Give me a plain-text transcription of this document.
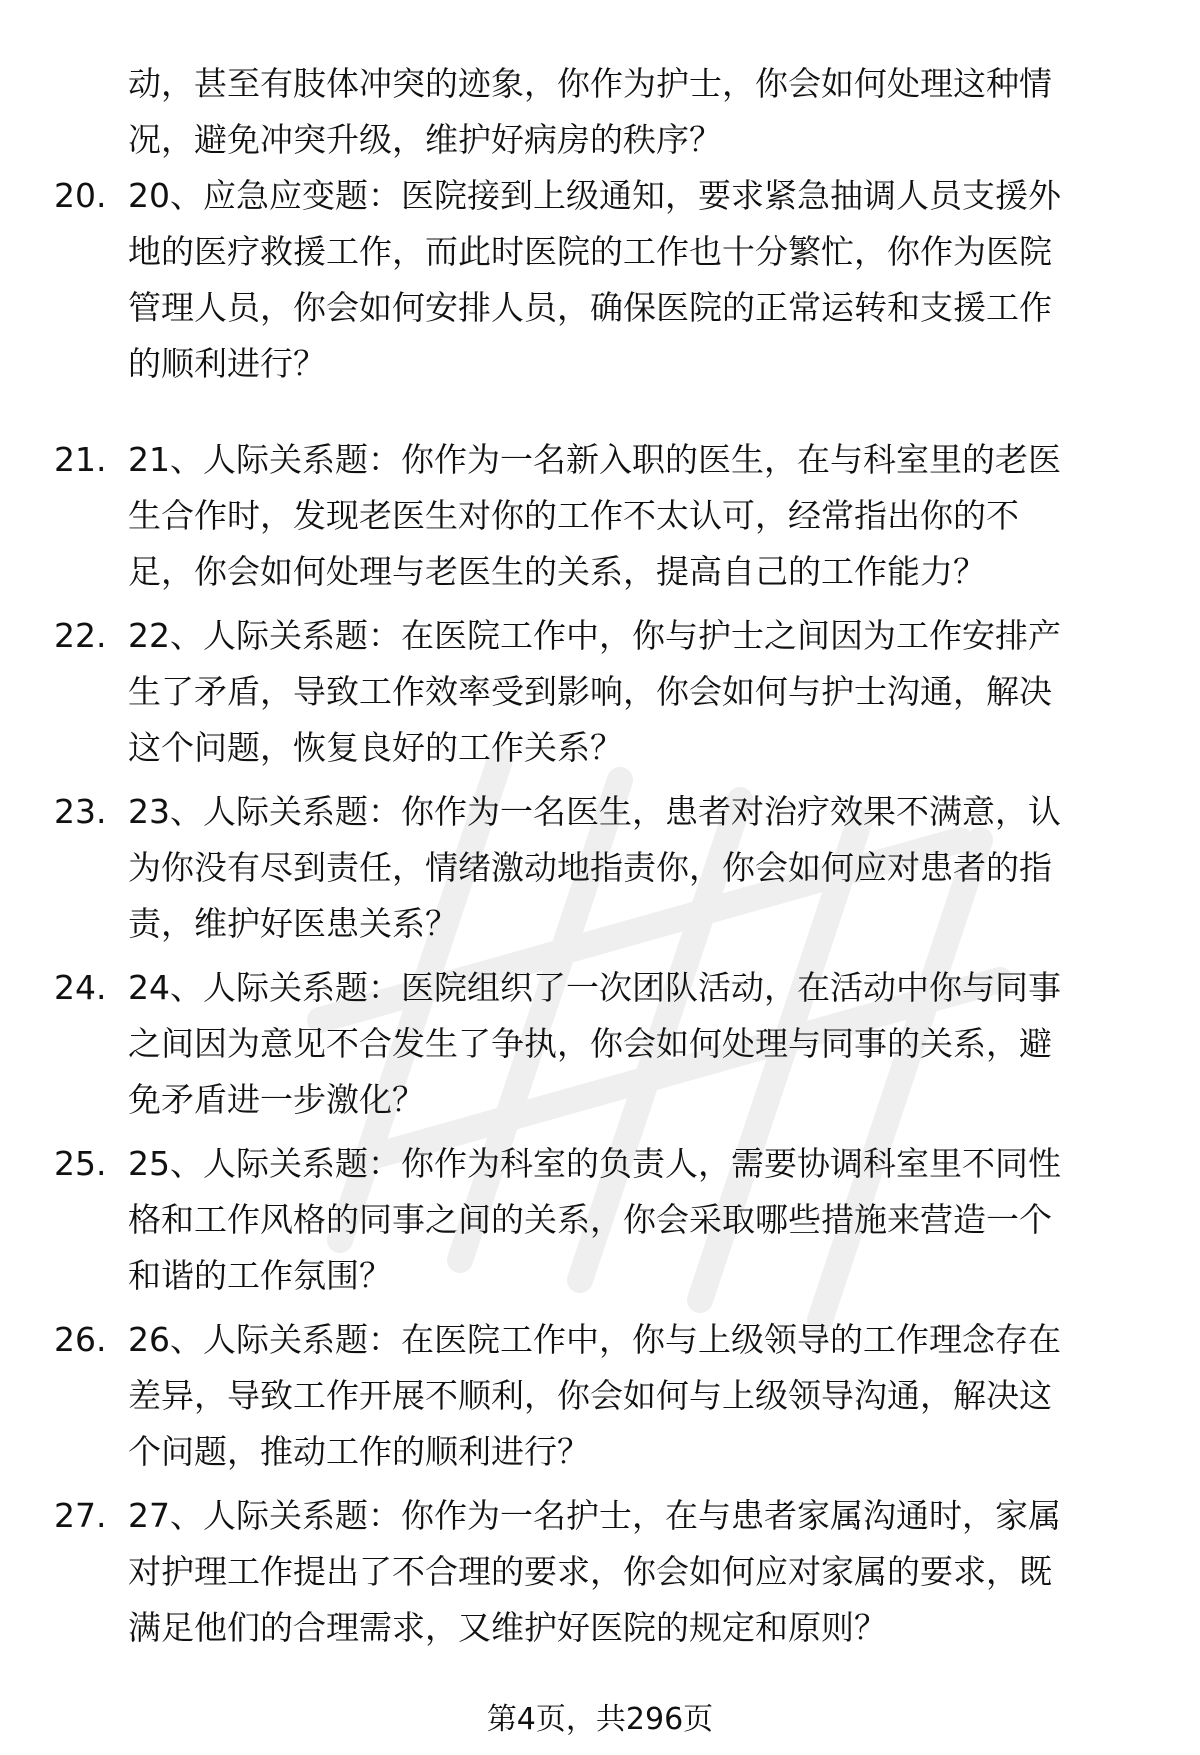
动，甚至有肢体冲突的迹象，你作为护士，你会如何处理这种情
况，避免冲突升级，维护好病房的秩序？
20. 20、应急应变题：医院接到上级通知，要求紧急抽调人员支援外
地的医疗救援工作，而此时医院的工作也十分繁忙，你作为医院
管理人员，你会如何安排人员，确保医院的正常运转和支援工作
的顺利进行？
21. 21、人际关系题：你作为一名新入职的医生，在与科室里的老医
生合作时，发现老医生对你的工作不太认可，经常指出你的不
足，你会如何处理与老医生的关系，提高自己的工作能力？
22. 22、人际关系题：在医院工作中，你与护士之间因为工作安排产
生了矛盾，导致工作效率受到影响，你会如何与护士沟通，解决
这个问题，恢复良好的工作关系？
23. 23、人际关系题：你作为一名医生，患者对治疗效果不满意，认
为你没有尽到责任，情绪激动地指责你，你会如何应对患者的指
责，维护好医患关系？
24. 24、人际关系题：医院组织了一次团队活动，在活动中你与同事
之间因为意见不合发生了争执，你会如何处理与同事的关系，避
免矛盾进一步激化？
25. 25、人际关系题：你作为科室的负责人，需要协调科室里不同性
格和工作风格的同事之间的关系，你会采取哪些措施来营造一个
和谐的工作氛围？
26. 26、人际关系题：在医院工作中，你与上级领导的工作理念存在
差异，导致工作开展不顺利，你会如何与上级领导沟通，解决这
个问题，推动工作的顺利进行？
27. 27、人际关系题：你作为一名护士，在与患者家属沟通时，家属
对护理工作提出了不合理的要求，你会如何应对家属的要求，既
满足他们的合理需求，又维护好医院的规定和原则？
第4页，共296页
